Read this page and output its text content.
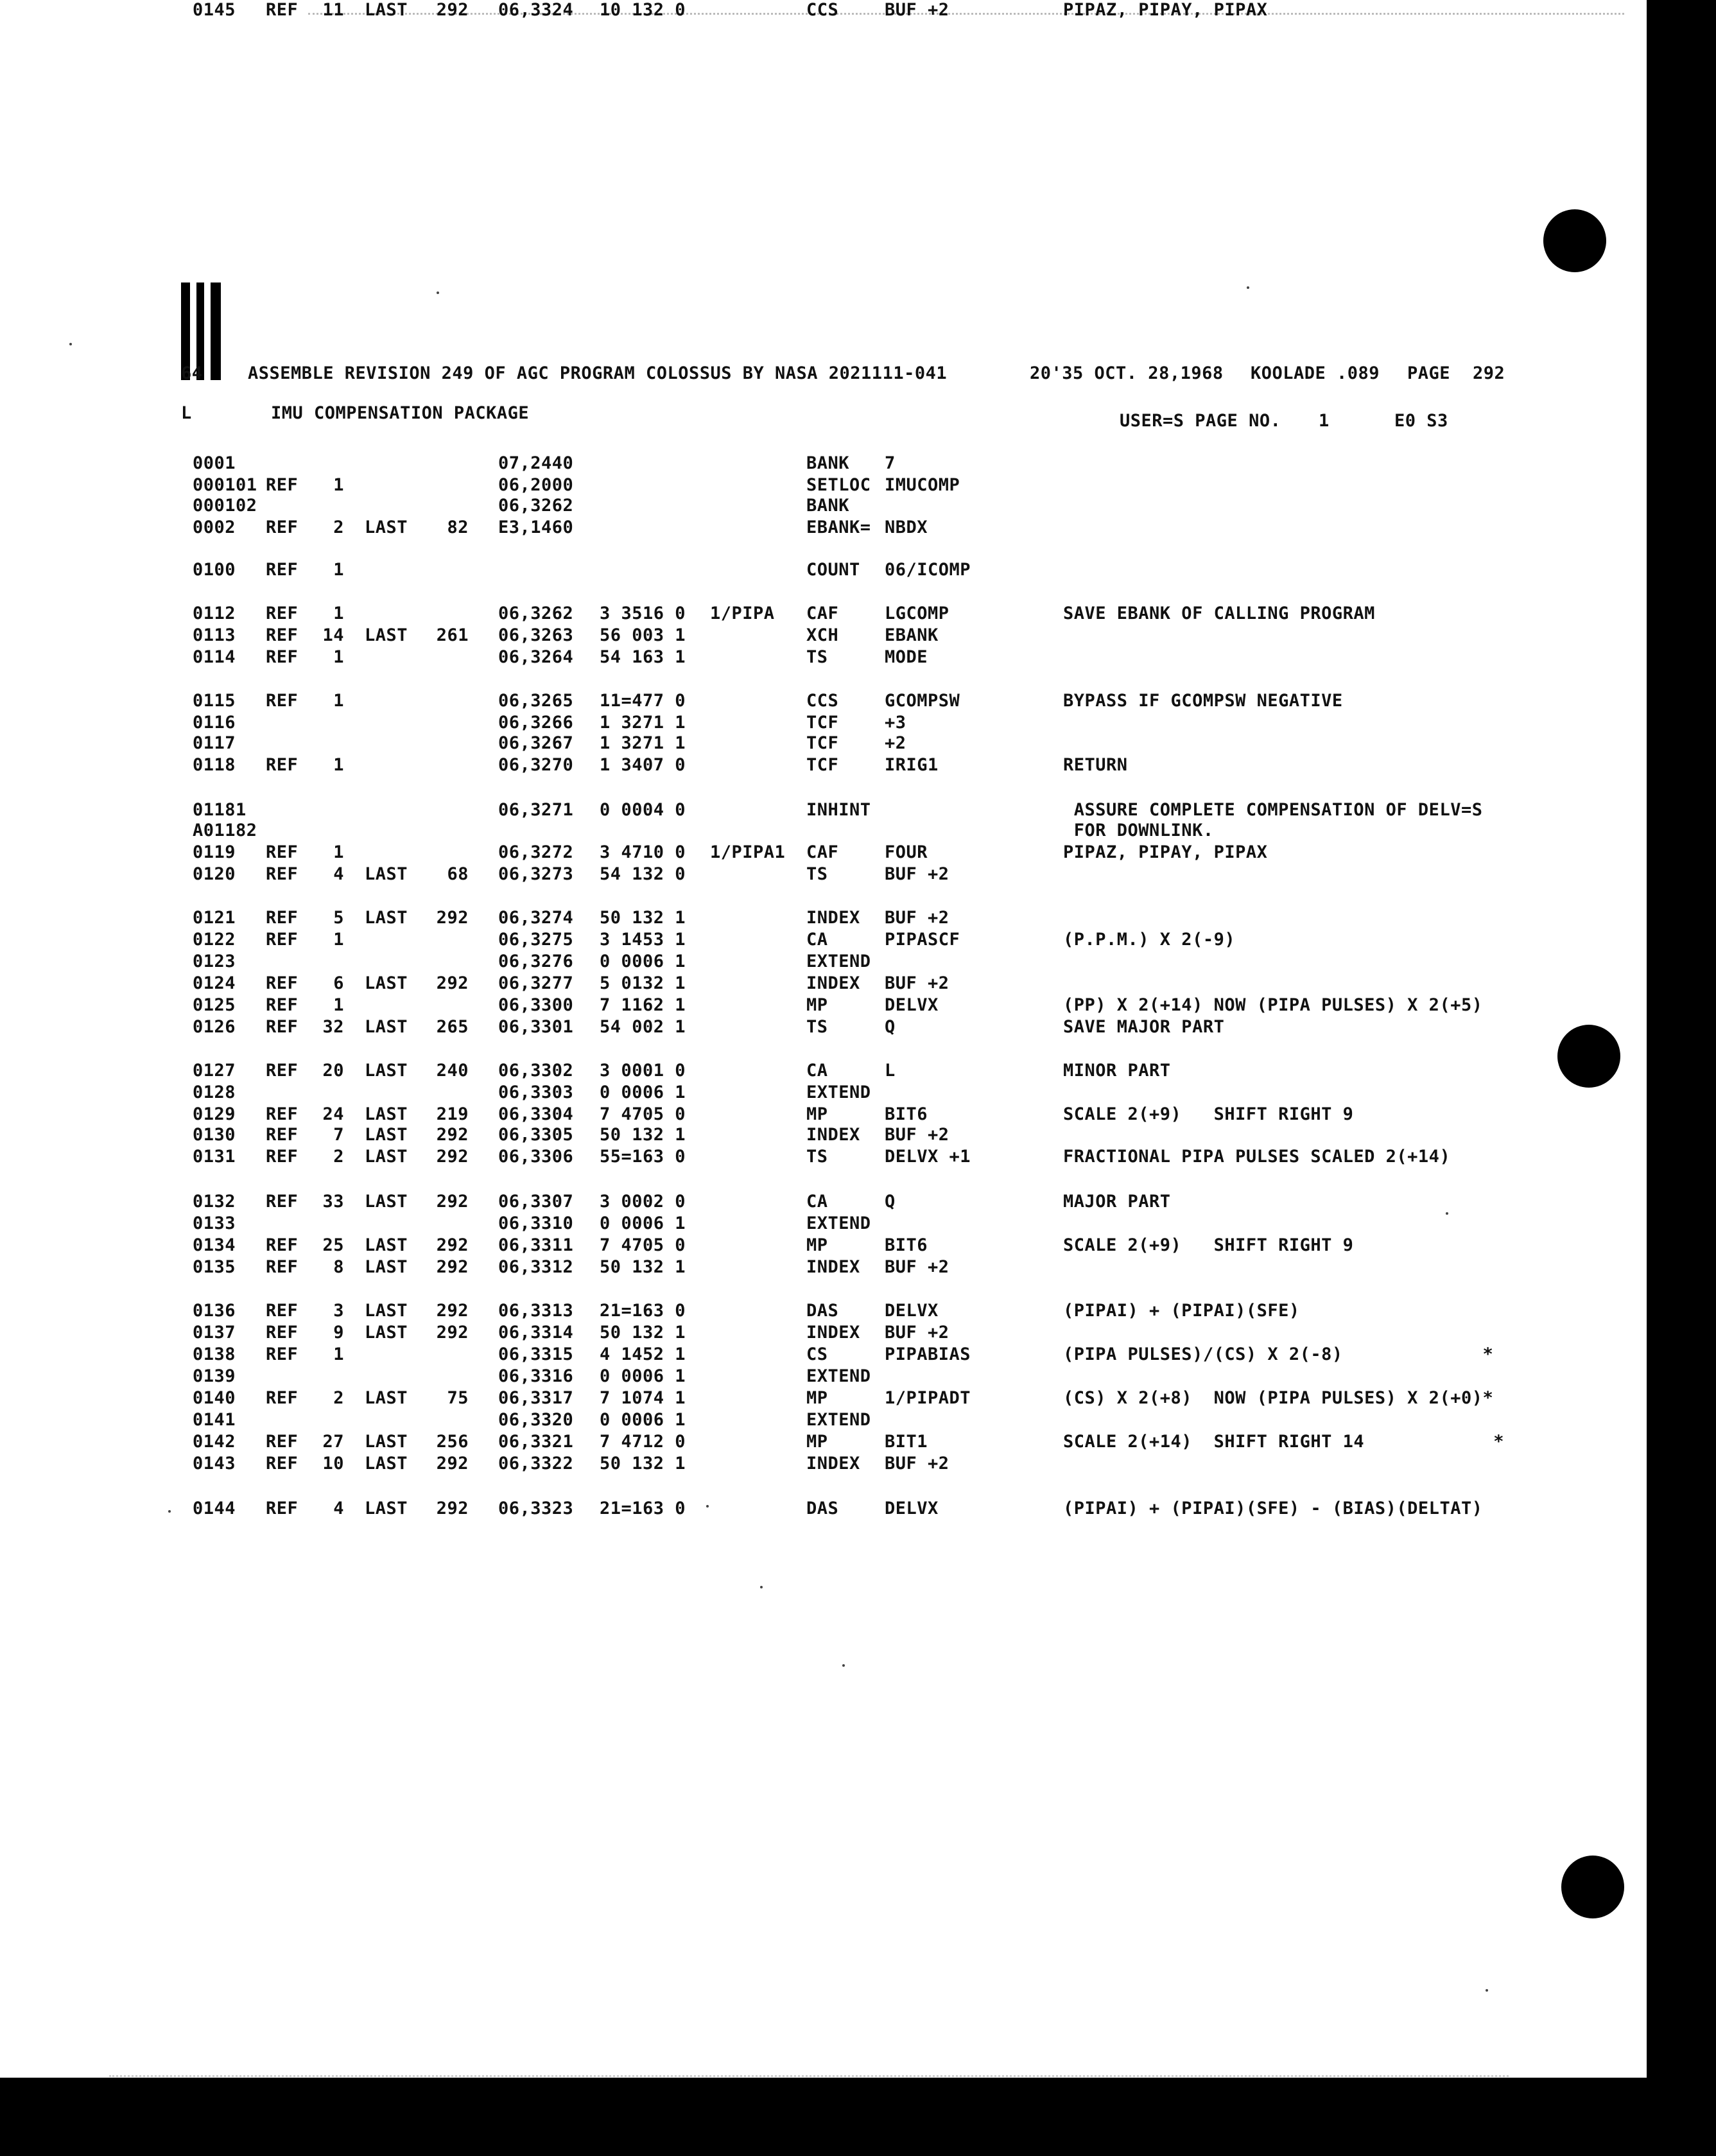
64	ASSEMBLE REVISION 249 OF AGC PROGRAM COLOSSUS BY NASA 2021111-041	20'35 OCT. 28,1968 KOOLADE .089 PAGE 292
L	IMU COMPENSATION PACKAGE	USER=S PAGE NO. 1	E0 S3
0001	07,2440	BANK 7
000101 REF 1	06,2000	SETLOC IMUCOMP
000102	06,3262	BANK
0002 REF 2 LAST 82 E3,1460	EBANK= NBDX
0100 REF 1	COUNT 06/ICOMP
0112 REF 1	06,3262 3 3516 0 1/PIPA CAF	LGCOMP	SAVE EBANK OF CALLING PROGRAM
0113 REF 14 LAST 261 06,3263 56 003 1	XCH	EBANK
0114 REF 1	06,3264 54 163 1	TS	MODE
0115 REF 1	06,3265 11=477 0	CCS	GCOMPSW	BYPASS IF GCOMPSW NEGATIVE
0116	06,3266 1 3271 1	TCF	+3
0117	06,3267 1 3271 1	TCF	+2
0118 REF 1	06,3270 1 3407 0	TCF	IRIG1	RETURN
01181	06,3271 0 0004 0	INHINT	ASSURE COMPLETE COMPENSATION OF DELV=S
A01182	FOR DOWNLINK.
0119 REF 1	06,3272 3 4710 0 1/PIPA1 CAF	FOUR	PIPAZ, PIPAY, PIPAX
0120 REF 4 LAST 68 06,3273 54 132 0	TS	BUF +2
0121 REF 5 LAST 292 06,3274 50 132 1	INDEX BUF +2
0122 REF 1	06,3275 3 1453 1	CA	PIPASCF	(P.P.M.) X 2(-9)
0123	06,3276 0 0006 1	EXTEND
0124 REF 6 LAST 292 06,3277 5 0132 1	INDEX BUF +2
0125 REF 1	06,3300 7 1162 1	MP	DELVX	(PP) X 2(+14) NOW (PIPA PULSES) X 2(+5)
0126 REF 32 LAST 265 06,3301 54 002 1	TS	Q	SAVE MAJOR PART
0127 REF 20 LAST 240 06,3302 3 0001 0	CA	L	MINOR PART
0128	06,3303 0 0006 1	EXTEND
0129 REF 24 LAST 219 06,3304 7 4705 0	MP	BIT6	SCALE 2(+9)   SHIFT RIGHT 9
0130 REF 7 LAST 292 06,3305 50 132 1	INDEX BUF +2
0131 REF 2 LAST 292 06,3306 55=163 0	TS	DELVX +1	FRACTIONAL PIPA PULSES SCALED 2(+14)
0132 REF 33 LAST 292 06,3307 3 0002 0	CA	Q	MAJOR PART
0133	06,3310 0 0006 1	EXTEND
0134 REF 25 LAST 292 06,3311 7 4705 0	MP	BIT6	SCALE 2(+9)   SHIFT RIGHT 9
0135 REF 8 LAST 292 06,3312 50 132 1	INDEX BUF +2
0136 REF 3 LAST 292 06,3313 21=163 0	DAS	DELVX	(PIPAI) + (PIPAI)(SFE)
0137 REF 9 LAST 292 06,3314 50 132 1	INDEX BUF +2
0138 REF 1	06,3315 4 1452 1	CS	PIPABIAS	(PIPA PULSES)/(CS) X 2(-8)             *
0139	06,3316 0 0006 1	EXTEND
0140 REF 2 LAST 75 06,3317 7 1074 1	MP	1/PIPADT	(CS) X 2(+8)  NOW (PIPA PULSES) X 2(+0)*
0141	06,3320 0 0006 1	EXTEND
0142 REF 27 LAST 256 06,3321 7 4712 0	MP	BIT1	SCALE 2(+14)  SHIFT RIGHT 14            *
0143 REF 10 LAST 292 06,3322 50 132 1	INDEX BUF +2
0144 REF 4 LAST 292 06,3323 21=163 0	DAS	DELVX	(PIPAI) + (PIPAI)(SFE) - (BIAS)(DELTAT)
0145 REF 11 LAST 292 06,3324 10 132 0	CCS	BUF +2	PIPAZ, PIPAY, PIPAX
